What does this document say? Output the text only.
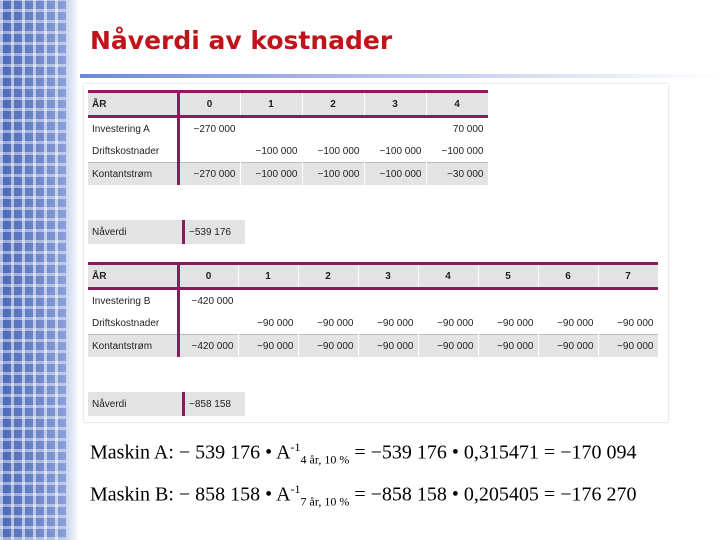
Nåverdi av kostnader

ÅR	0	1	2	3	4

Investering A	−270 000				70 000
Driftskostnader		−100 000	−100 000	−100 000	−100 000
Kontantstrøm	−270 000	−100 000	−100 000	−100 000	−30 000
Nåverdi	−539 176

ÅR	0	1	2	3	4	5	6	7

Investering B	−420 000							
Driftskostnader		−90 000	−90 000	−90 000	−90 000	−90 000	−90 000	−90 000
Kontantstrøm	−420 000	−90 000	−90 000	−90 000	−90 000	−90 000	−90 000	−90 000
Nåverdi	−858 158
Maskin A: − 539 176 • $A^{-1}_{4 år, 10 \%} = -539$ 176 • 0,315471 = −170 094
Maskin B: − 858 158 • $A^{-1}_{7 år, 10 \%} = -858$ 158 • 0,205405 = −176 270
